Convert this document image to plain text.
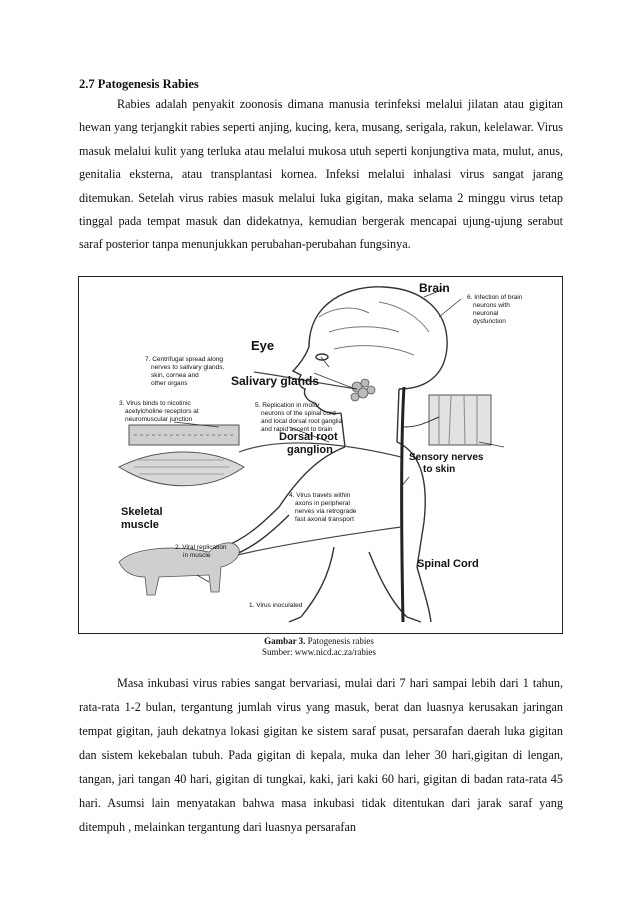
2.7 Patogenesis Rabies

Rabies adalah penyakit zoonosis dimana manusia terinfeksi melalui jilatan atau gigitan hewan yang terjangkit rabies seperti anjing, kucing, kera, musang, serigala, rakun, kelelawar. Virus masuk melalui kulit yang terluka atau melalui mukosa utuh seperti konjungtiva mata, mulut, anus, genitalia eksterna, atau transplantasi kornea. Infeksi melalui inhalasi virus sangat jarang ditemukan. Setelah virus rabies masuk melalui luka gigitan, maka selama 2 minggu virus tetap tinggal pada tempat masuk dan didekatnya, kemudian bergerak mencapai ujung-ujung serabut saraf posterior tanpa menunjukkan perubahan-perubahan fungsinya.

Brain
Eye
Salivary glands
Dorsal root
ganglion
Skeletal
muscle
Sensory nerves
to skin
Spinal Cord
1. Virus inoculated
2. Viral replication
in muscle
3. Virus binds to nicotinic
acetylcholine receptors at
neuromuscular junction
4. Virus travels within
axons in peripheral
nerves via retrograde
fast axonal transport
5. Replication in motor
neurons of the spinal cord
and local dorsal root ganglia
and rapid ascent to brain
6. Infection of brain
neurons with
neuronal
dysfunction
7. Centrifugal spread along
nerves to salivary glands,
skin, cornea and
other organs
Gambar 3. Patogenesis rabies
Sumber: www.nicd.ac.za/rabies

Masa inkubasi virus rabies sangat bervariasi, mulai dari 7 hari sampai lebih dari 1 tahun, rata-rata 1-2 bulan, tergantung jumlah virus yang masuk, berat dan luasnya kerusakan jaringan tempat gigitan, jauh dekatnya lokasi gigitan ke sistem saraf pusat, persarafan daerah luka gigitan dan sistem kekebalan tubuh. Pada gigitan di kepala, muka dan leher 30 hari,gigitan di lengan, tangan, jari tangan 40 hari, gigitan di tungkai, kaki, jari kaki 60 hari, gigitan di badan rata-rata 45 hari. Asumsi lain menyatakan bahwa masa inkubasi tidak ditentukan dari jarak saraf yang ditempuh , melainkan tergantung dari luasnya persarafan
